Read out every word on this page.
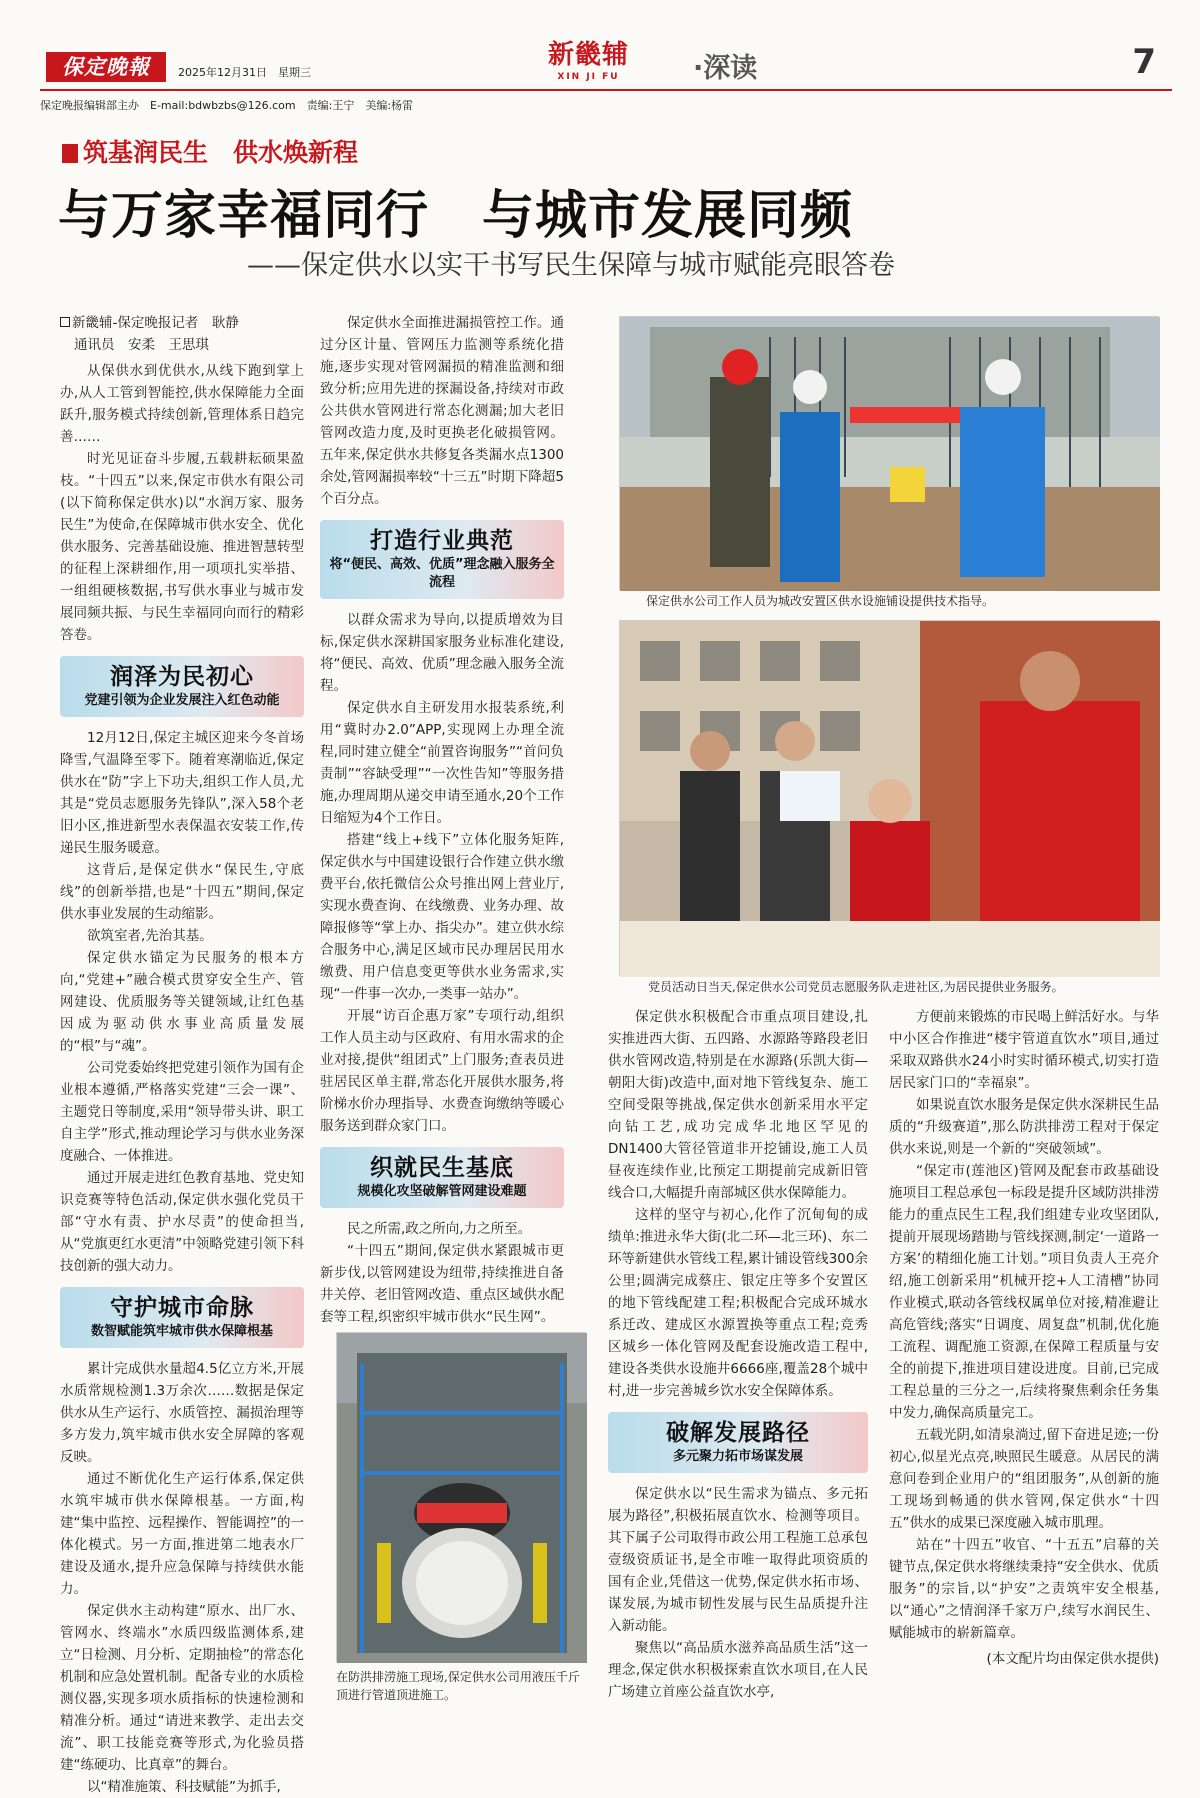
保定晚報	2025年12月31日　星期三
新畿辅
XIN JI FU	·深读	7
保定晚报编辑部主办　E-mail:bdwbzbs@126.com　责编:王宁　美编:杨雷
筑基润民生　供水焕新程
与万家幸福同行　与城市发展同频
——保定供水以实干书写民生保障与城市赋能亮眼答卷
新畿辅-保定晚报记者　耿静
通讯员　安柔　王思琪

从保供水到优供水,从线下跑到掌上办,从人工管到智能控,供水保障能力全面跃升,服务模式持续创新,管理体系日趋完善……

时光见证奋斗步履,五载耕耘硕果盈枝。“十四五”以来,保定市供水有限公司(以下简称保定供水)以“水润万家、服务民生”为使命,在保障城市供水安全、优化供水服务、完善基础设施、推进智慧转型的征程上深耕细作,用一项项扎实举措、一组组硬核数据,书写供水事业与城市发展同频共振、与民生幸福同向而行的精彩答卷。

润泽为民初心
党建引领为企业发展注入红色动能

12月12日,保定主城区迎来今冬首场降雪,气温降至零下。随着寒潮临近,保定供水在“防”字上下功夫,组织工作人员,尤其是“党员志愿服务先锋队”,深入58个老旧小区,推进新型水表保温衣安装工作,传递民生服务暖意。

这背后,是保定供水“保民生,守底线”的创新举措,也是“十四五”期间,保定供水事业发展的生动缩影。

欲筑室者,先治其基。

保定供水锚定为民服务的根本方向,“党建+”融合模式贯穿安全生产、管网建设、优质服务等关键领域,让红色基因成为驱动供水事业高质量发展的“根”与“魂”。

公司党委始终把党建引领作为国有企业根本遵循,严格落实党建“三会一课”、主题党日等制度,采用“领导带头讲、职工自主学”形式,推动理论学习与供水业务深度融合、一体推进。

通过开展走进红色教育基地、党史知识竞赛等特色活动,保定供水强化党员干部“守水有责、护水尽责”的使命担当,从“党旗更红水更清”中领略党建引领下科技创新的强大动力。

守护城市命脉
数智赋能筑牢城市供水保障根基

累计完成供水量超4.5亿立方米,开展水质常规检测1.3万余次……数据是保定供水从生产运行、水质管控、漏损治理等多方发力,筑牢城市供水安全屏障的客观反映。

通过不断优化生产运行体系,保定供水筑牢城市供水保障根基。一方面,构建“集中监控、远程操作、智能调控”的一体化模式。另一方面,推进第二地表水厂建设及通水,提升应急保障与持续供水能力。

保定供水主动构建“原水、出厂水、管网水、终端水”水质四级监测体系,建立“日检测、月分析、定期抽检”的常态化机制和应急处置机制。配备专业的水质检测仪器,实现多项水质指标的快速检测和精准分析。通过“请进来教学、走出去交流”、职工技能竞赛等形式,为化验员搭建“练硬功、比真章”的舞台。

以“精准施策、科技赋能”为抓手,

保定供水全面推进漏损管控工作。通过分区计量、管网压力监测等系统化措施,逐步实现对管网漏损的精准监测和细致分析;应用先进的探漏设备,持续对市政公共供水管网进行常态化测漏;加大老旧管网改造力度,及时更换老化破损管网。五年来,保定供水共修复各类漏水点1300余处,管网漏损率较“十三五”时期下降超5个百分点。

打造行业典范
将“便民、高效、优质”理念融入服务全流程

以群众需求为导向,以提质增效为目标,保定供水深耕国家服务业标准化建设,将“便民、高效、优质”理念融入服务全流程。

保定供水自主研发用水报装系统,利用“冀时办2.0”APP,实现网上办理全流程,同时建立健全“前置咨询服务”“首问负责制”“容缺受理”“一次性告知”等服务措施,办理周期从递交申请至通水,20个工作日缩短为4个工作日。

搭建“线上+线下”立体化服务矩阵,保定供水与中国建设银行合作建立供水缴费平台,依托微信公众号推出网上营业厅,实现水费查询、在线缴费、业务办理、故障报修等“掌上办、指尖办”。建立供水综合服务中心,满足区域市民办理居民用水缴费、用户信息变更等供水业务需求,实现“一件事一次办,一类事一站办”。

开展“访百企惠万家”专项行动,组织工作人员主动与区政府、有用水需求的企业对接,提供“组团式”上门服务;查表员进驻居民区单主群,常态化开展供水服务,将阶梯水价办理指导、水费查询缴纳等暖心服务送到群众家门口。

织就民生基底
规模化攻坚破解管网建设难题

民之所需,政之所向,力之所至。

“十四五”期间,保定供水紧跟城市更新步伐,以管网建设为纽带,持续推进自备井关停、老旧管网改造、重点区域供水配套等工程,织密织牢城市供水“民生网”。

保定供水公司工作人员为城改安置区供水设施铺设提供技术指导。
党员活动日当天,保定供水公司党员志愿服务队走进社区,为居民提供业务服务。
在防洪排涝施工现场,保定供水公司用液压千斤顶进行管道顶进施工。

保定供水积极配合市重点项目建设,扎实推进西大街、五四路、水源路等路段老旧供水管网改造,特别是在水源路(乐凯大街—朝阳大街)改造中,面对地下管线复杂、施工空间受限等挑战,保定供水创新采用水平定向钻工艺,成功完成华北地区罕见的DN1400大管径管道非开挖铺设,施工人员昼夜连续作业,比预定工期提前完成新旧管线合口,大幅提升南部城区供水保障能力。

这样的坚守与初心,化作了沉甸甸的成绩单:推进永华大街(北二环—北三环)、东二环等新建供水管线工程,累计铺设管线300余公里;圆满完成蔡庄、银定庄等多个安置区的地下管线配建工程;积极配合完成环城水系迁改、建成区水源置换等重点工程;竞秀区城乡一体化管网及配套设施改造工程中,建设各类供水设施井6666座,覆盖28个城中村,进一步完善城乡饮水安全保障体系。

破解发展路径
多元聚力拓市场谋发展

保定供水以“民生需求为锚点、多元拓展为路径”,积极拓展直饮水、检测等项目。其下属子公司取得市政公用工程施工总承包壹级资质证书,是全市唯一取得此项资质的国有企业,凭借这一优势,保定供水拓市场、谋发展,为城市韧性发展与民生品质提升注入新动能。

聚焦以“高品质水滋养高品质生活”这一理念,保定供水积极探索直饮水项目,在人民广场建立首座公益直饮水亭,

方便前来锻炼的市民喝上鲜活好水。与华中小区合作推进“楼宇管道直饮水”项目,通过采取双路供水24小时实时循环模式,切实打造居民家门口的“幸福泉”。

如果说直饮水服务是保定供水深耕民生品质的“升级赛道”,那么防洪排涝工程对于保定供水来说,则是一个新的“突破领域”。

“保定市(莲池区)管网及配套市政基础设施项目工程总承包一标段是提升区域防洪排涝能力的重点民生工程,我们组建专业攻坚团队,提前开展现场踏勘与管线探测,制定‘一道路一方案’的精细化施工计划。”项目负责人王亮介绍,施工创新采用“机械开挖+人工清槽”协同作业模式,联动各管线权属单位对接,精准避让高危管线;落实“日调度、周复盘”机制,优化施工流程、调配施工资源,在保障工程质量与安全的前提下,推进项目建设进度。目前,已完成工程总量的三分之一,后续将聚焦剩余任务集中发力,确保高质量完工。

五载光阴,如清泉淌过,留下奋进足迹;一份初心,似星光点亮,映照民生暖意。从居民的满意问卷到企业用户的“组团服务”,从创新的施工现场到畅通的供水管网,保定供水“十四五”供水的成果已深度融入城市肌理。

站在“十四五”收官、“十五五”启幕的关键节点,保定供水将继续秉持“安全供水、优质服务”的宗旨,以“护安”之责筑牢安全根基,以“通心”之情润泽千家万户,续写水润民生、赋能城市的崭新篇章。

(本文配片均由保定供水提供)
